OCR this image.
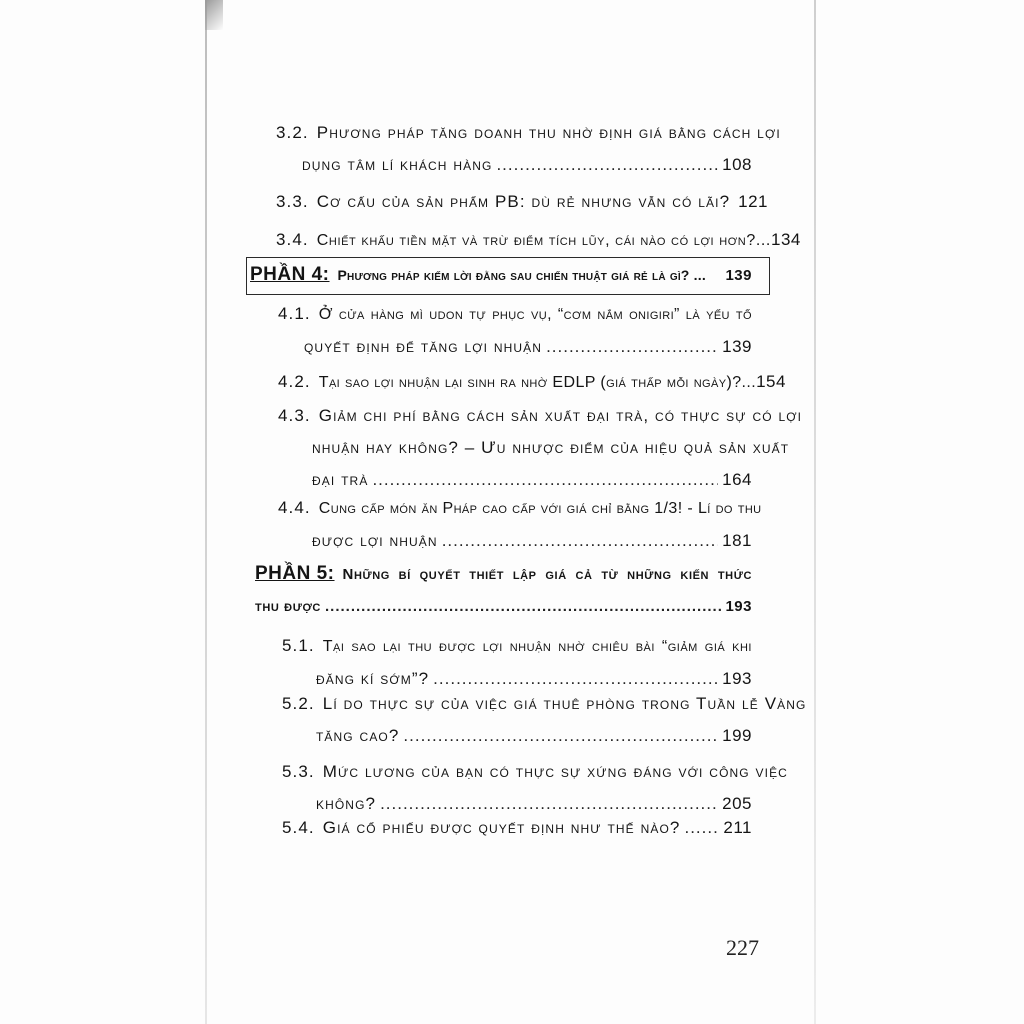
3.2. Phương pháp tăng doanh thu nhờ định giá bằng cách lợi
dụng tâm lí khách hàng .....	108
3.3. Cơ cấu của sản phẩm PB: dù rẻ nhưng vẫn có lãi? 121
3.4. Chiết khấu tiền mặt và trừ điểm tích lũy, cái nào có lợi hơn?... 134
PHẦN 4: Phương pháp kiếm lời đằng sau chiến thuật giá rẻ là gì? ...	139
4.1. Ở cửa hàng mì udon tự phục vụ, “cơm nắm onigiri” là yếu tố
quyết định để tăng lợi nhuận .....	139
4.2. Tại sao lợi nhuận lại sinh ra nhờ EDLP (giá thấp mỗi ngày)?... 154
4.3. Giảm chi phí bằng cách sản xuất đại trà, có thực sự có lợi
nhuận hay không? – Ưu nhược điểm của hiệu quả sản xuất
đại trà .....	164
4.4. Cung cấp món ăn Pháp cao cấp với giá chỉ bằng 1/3! - Lí do thu
được lợi nhuận .....	181
PHẦN 5: Những bí quyết thiết lập giá cả từ những kiến thức
thu được .....	193
5.1. Tại sao lại thu được lợi nhuận nhờ chiêu bài “giảm giá khi
đăng kí sớm”? .....	193
5.2. Lí do thực sự của việc giá thuê phòng trong Tuần lễ Vàng
tăng cao? .....	199
5.3. Mức lương của bạn có thực sự xứng đáng với công việc
không? .....	205
5.4. Giá cổ phiếu được quyết định như thế nào? .....	211
227
